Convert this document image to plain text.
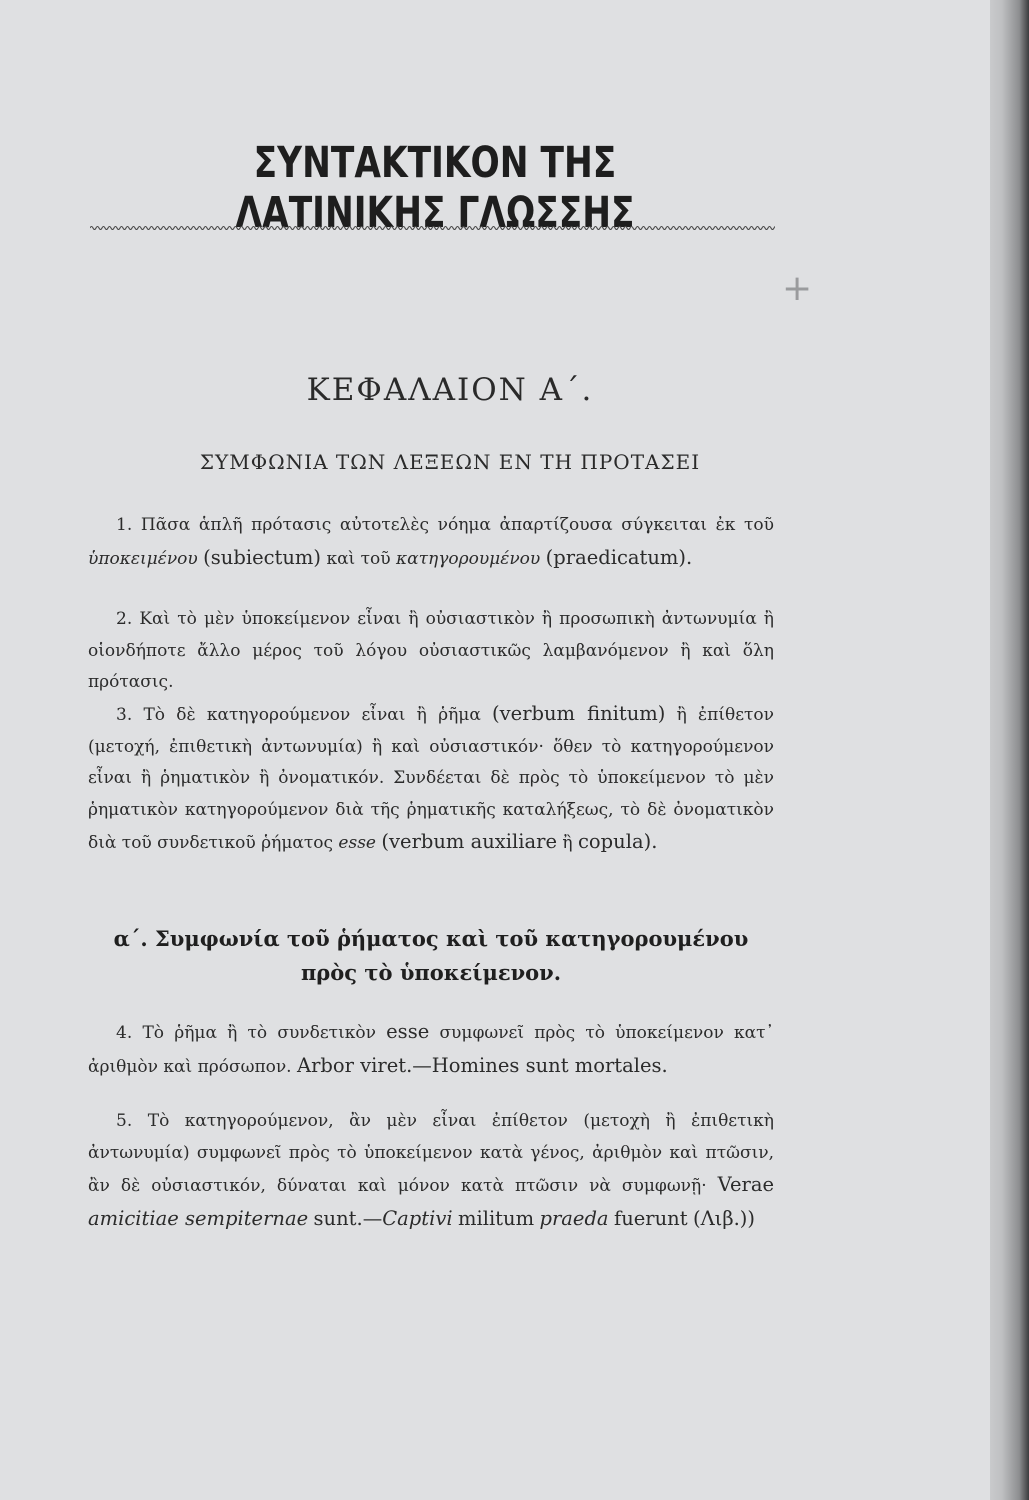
+
ΣΥΝΤΑΚΤΙΚΟΝ ΤΗΣ ΛΑΤΙΝΙΚΗΣ ΓΛΩΣΣΗΣ
ΚΕΦΑΛΑΙΟΝ Α΄.
ΣΥΜΦΩΝΙΑ ΤΩΝ ΛΕΞΕΩΝ ΕΝ ΤΗ ΠΡΟΤΑΣΕΙ

1. Πᾶσα ἁπλῆ πρότασις αὐτοτελὲς νόημα ἀπαρτίζουσα σύγκειται ἐκ τοῦ ὑποκειμένου (subiectum) καὶ τοῦ κατηγορουμένου (praedicatum).

2. Καὶ τὸ μὲν ὑποκείμενον εἶναι ἢ οὐσιαστικὸν ἢ προσωπικὴ ἀντωνυμία ἢ οἱονδήποτε ἄλλο μέρος τοῦ λόγου οὐσιαστικῶς λαμβανόμενον ἢ καὶ ὅλη πρότασις.

3. Τὸ δὲ κατηγορούμενον εἶναι ἢ ῥῆμα (verbum finitum) ἢ ἐπίθετον (μετοχή, ἐπιθετικὴ ἀντωνυμία) ἢ καὶ οὐσιαστικόν· ὅθεν τὸ κατηγορούμενον εἶναι ἢ ῥηματικὸν ἢ ὀνοματικόν. Συνδέεται δὲ πρὸς τὸ ὑποκείμενον τὸ μὲν ῥηματικὸν κατηγορούμενον διὰ τῆς ῥηματικῆς καταλήξεως, τὸ δὲ ὀνοματικὸν διὰ τοῦ συνδετικοῦ ῥήματος esse (verbum auxiliare ἢ copula).

α΄. Συμφωνία τοῦ ῥήματος καὶ τοῦ κατηγορουμένου
πρὸς τὸ ὑποκείμενον.

4. Τὸ ῥῆμα ἢ τὸ συνδετικὸν esse συμφωνεῖ πρὸς τὸ ὑποκείμενον κατ᾽ ἀριθμὸν καὶ πρόσωπον. Arbor viret.—Homines sunt mortales.

5. Τὸ κατηγορούμενον, ἂν μὲν εἶναι ἐπίθετον (μετοχὴ ἢ ἐπιθετικὴ ἀντωνυμία) συμφωνεῖ πρὸς τὸ ὑποκείμενον κατὰ γένος, ἀριθμὸν καὶ πτῶσιν, ἂν δὲ οὐσιαστικόν, δύναται καὶ μόνον κατὰ πτῶσιν νὰ συμφωνῇ· Verae amicitiae sempiternae sunt.—Captivi militum praeda fuerunt (Λιβ.))
